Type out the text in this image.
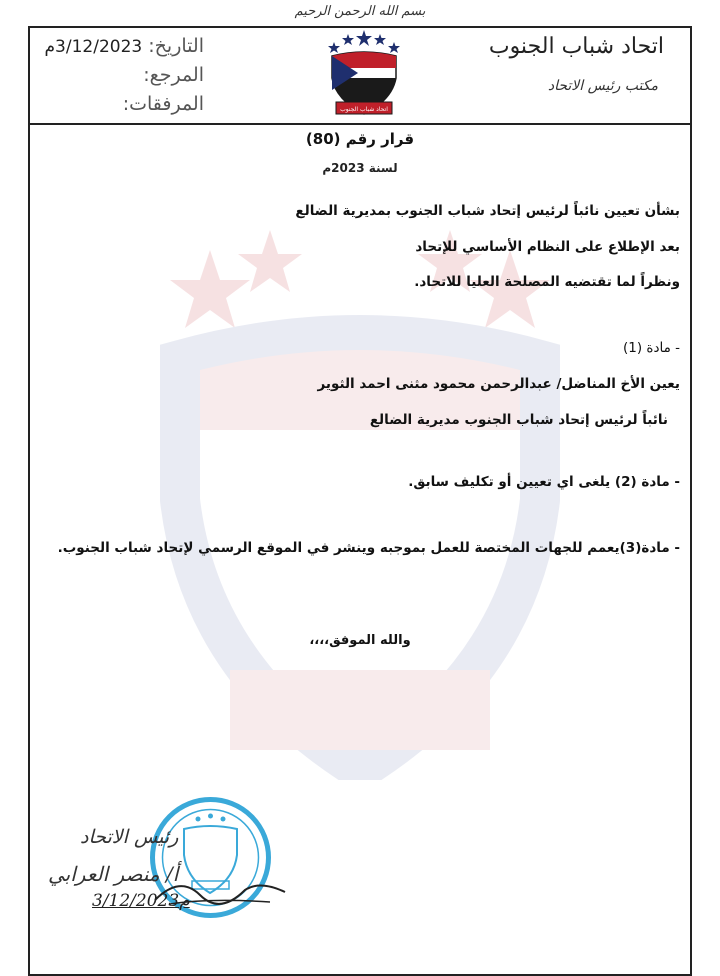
بسم الله الرحمن الرحيم
اتحاد شباب الجنوب
مكتب رئيس الاتحاد
التاريخ: 3/12/2023م
المرجع:
المرفقات:	اتحاد شباب الجنوب
قرار رقم (80)
لسنة 2023م
بشأن تعيين نائباً لرئيس إتحاد شباب الجنوب بمديرية الضالع
بعد الإطلاع على النظام الأساسي للإتحاد
ونظراً لما تقتضيه المصلحة العليا للاتحاد.
- مادة (1)
يعين الأخ المناضل/ عبدالرحمن محمود مثنى احمد الثوير
نائباً لرئيس إتحاد شباب الجنوب مديرية الضالع
- مادة (2) يلغى اي تعيين أو تكليف سابق.
- مادة(3)يعمم للجهات المختصة للعمل بموجبه وينشر في الموقع الرسمي لإتحاد شباب الجنوب.
والله الموفق،،،،
رئيس الاتحاد
أ/ منصر العرابي
3/12/2023م
